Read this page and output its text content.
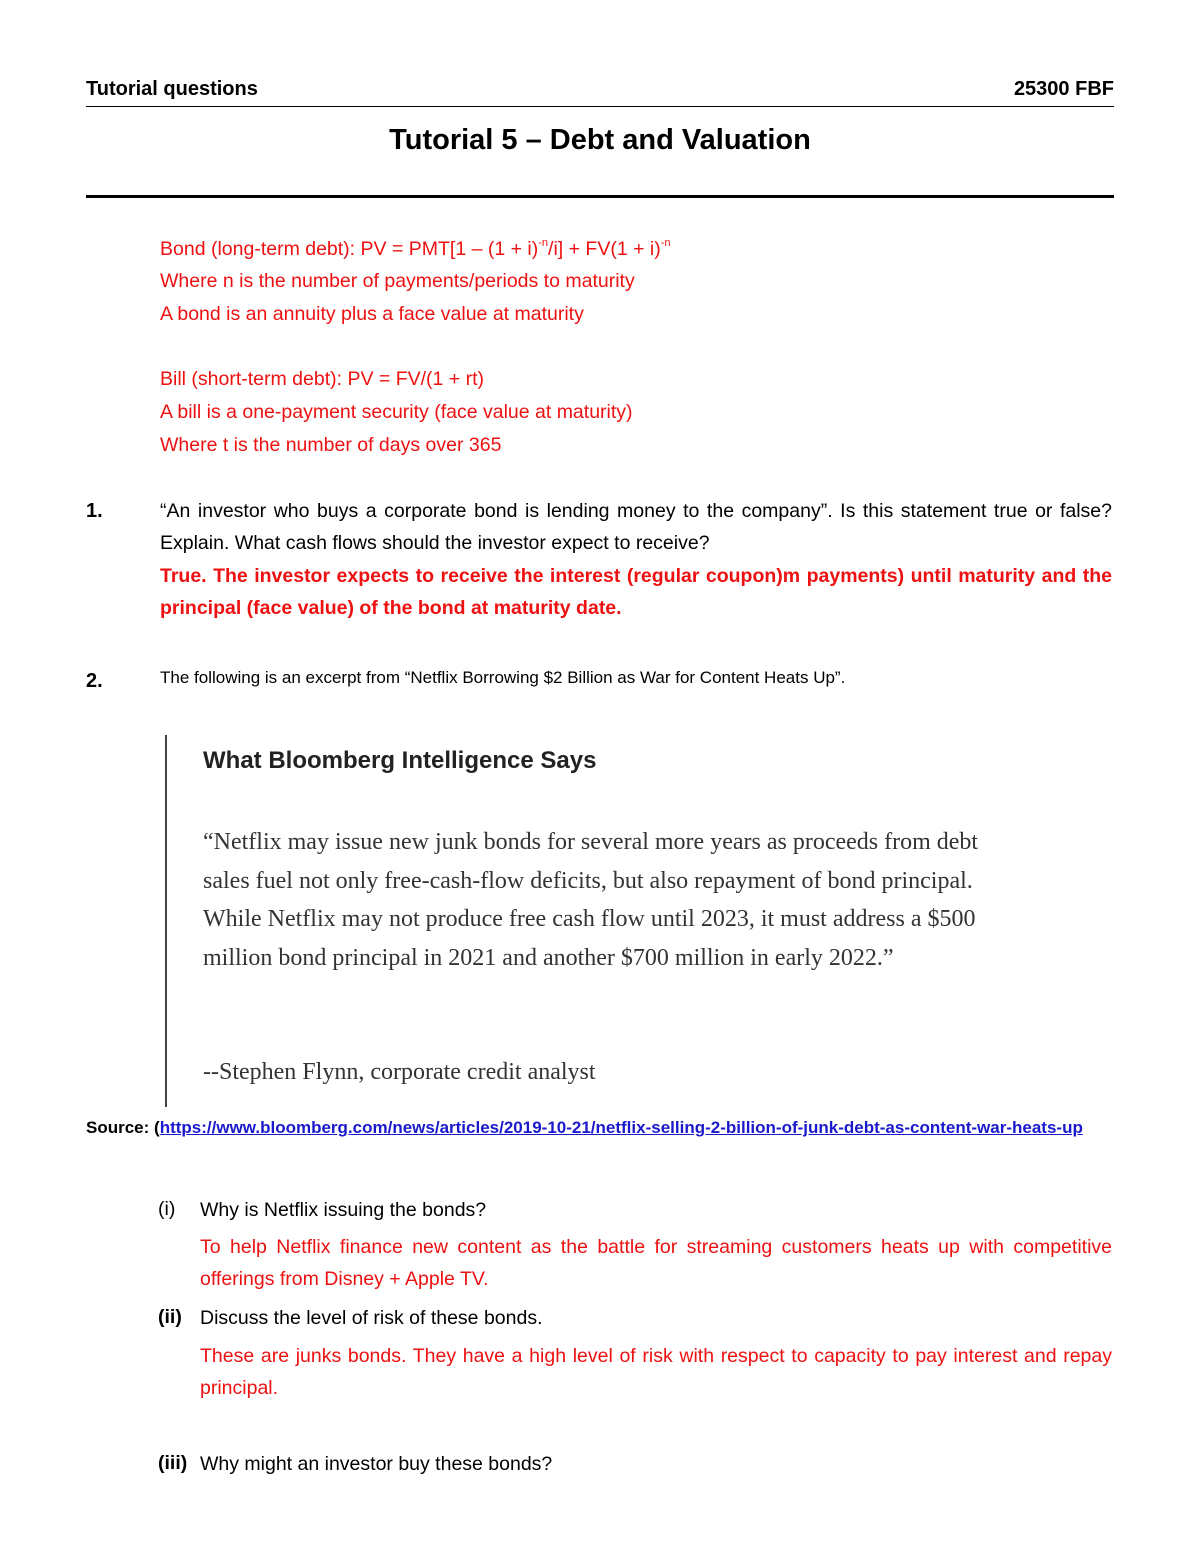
Tutorial questions	25300 FBF
Tutorial 5 – Debt and Valuation
Bond (long-term debt): PV = $PMT[1 - (1 + i)^{-n}/i] + FV(1 + i)^{-n}$
Where n is the number of payments/periods to maturity
A bond is an annuity plus a face value at maturity
Bill (short-term debt): PV = FV/(1 + rt)
A bill is a one-payment security (face value at maturity)
Where t is the number of days over 365
1.	“An investor who buys a corporate bond is lending money to the company”. Is this statement true or false? Explain. What cash flows should the investor expect to receive?
True. The investor expects to receive the interest (regular coupon)m payments) until maturity and the principal (face value) of the bond at maturity date.
2.	The following is an excerpt from “Netflix Borrowing $2 Billion as War for Content Heats Up”.
What Bloomberg Intelligence Says
“Netflix may issue new junk bonds for several more years as proceeds from debt sales fuel not only free-cash-flow deficits, but also repayment of bond principal. While Netflix may not produce free cash flow until 2023, it must address a $500 million bond principal in 2021 and another $700 million in early 2022.”
--Stephen Flynn, corporate credit analyst
Source: (https://www.bloomberg.com/news/articles/2019-10-21/netflix-selling-2-billion-of-junk-debt-as-content-war-heats-up
(i) Why is Netflix issuing the bonds?
To help Netflix finance new content as the battle for streaming customers heats up with competitive offerings from Disney + Apple TV.
(ii) Discuss the level of risk of these bonds.
These are junks bonds. They have a high level of risk with respect to capacity to pay interest and repay principal.
(iii) Why might an investor buy these bonds?
